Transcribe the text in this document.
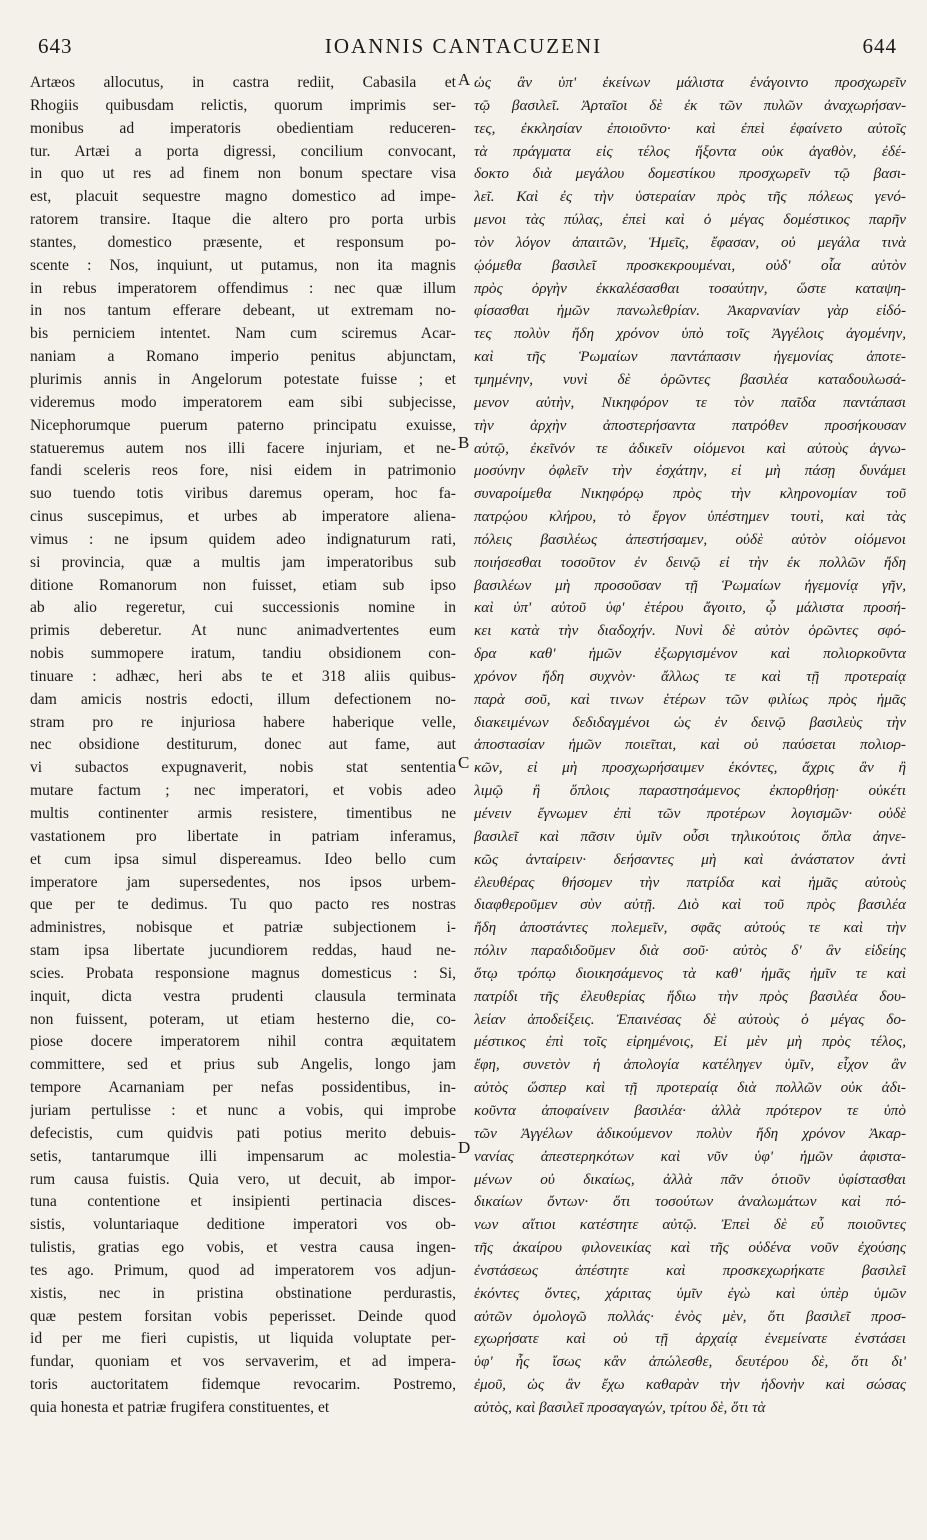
643	IOANNIS CANTACUZENI	644
Artæos allocutus, in castra rediit, Cabasila et
Rhogiis quibusdam relictis, quorum imprimis ser-
monibus ad imperatoris obedientiam reduceren-
tur. Artæi a porta digressi, concilium convocant,
in quo ut res ad finem non bonum spectare visa
est, placuit sequestre magno domestico ad impe-
ratorem transire. Itaque die altero pro porta urbis
stantes, domestico præsente, et responsum po-
scente : Nos, inquiunt, ut putamus, non ita magnis
in rebus imperatorem offendimus : nec quæ illum
in nos tantum efferare debeant, ut extremam no-
bis perniciem intentet. Nam cum sciremus Acar-
naniam a Romano imperio penitus abjunctam,
plurimis annis in Angelorum potestate fuisse ; et
videremus modo imperatorem eam sibi subjecisse,
Nicephorumque puerum paterno principatu exuisse,
statueremus autem nos illi facere injuriam, et ne-
fandi sceleris reos fore, nisi eidem in patrimonio
suo tuendo totis viribus daremus operam, hoc fa-
cinus suscepimus, et urbes ab imperatore aliena-
vimus : ne ipsum quidem adeo indignaturum rati,
si provincia, quæ a multis jam imperatoribus sub
ditione Romanorum non fuisset, etiam sub ipso
ab alio regeretur, cui successionis nomine in
primis deberetur. At nunc animadvertentes eum
nobis summopere iratum, tandiu obsidionem con-
tinuare : adhæc, heri abs te et 318 aliis quibus-
dam amicis nostris edocti, illum defectionem no-
stram pro re injuriosa habere haberique velle,
nec obsidione destiturum, donec aut fame, aut
vi subactos expugnaverit, nobis stat sententia
mutare factum ; nec imperatori, et vobis adeo
multis continenter armis resistere, timentibus ne
vastationem pro libertate in patriam inferamus,
et cum ipsa simul dispereamus. Ideo bello cum
imperatore jam supersedentes, nos ipsos urbem-
que per te dedimus. Tu quo pacto res nostras
administres, nobisque et patriæ subjectionem i-
stam ipsa libertate jucundiorem reddas, haud ne-
scies. Probata responsione magnus domesticus : Si,
inquit, dicta vestra prudenti clausula terminata
non fuissent, poteram, ut etiam hesterno die, co-
piose docere imperatorem nihil contra æquitatem
committere, sed et prius sub Angelis, longo jam
tempore Acarnaniam per nefas possidentibus, in-
juriam pertulisse : et nunc a vobis, qui improbe
defecistis, cum quidvis pati potius merito debuis-
setis, tantarumque illi impensarum ac molestia-
rum causa fuistis. Quia vero, ut decuit, ab impor-
tuna contentione et insipienti pertinacia disces-
sistis, voluntariaque deditione imperatori vos ob-
tulistis, gratias ego vobis, et vestra causa ingen-
tes ago. Primum, quod ad imperatorem vos adjun-
xistis, nec in pristina obstinatione perdurastis,
quæ pestem forsitan vobis peperisset. Deinde quod
id per me fieri cupistis, ut liquida voluptate per-
fundar, quoniam et vos servaverim, et ad impera-
toris auctoritatem fidemque revocarim. Postremo,
quia honesta et patriæ frugifera constituentes, et
A
B
C
D
ὡς ἂν ὑπ' ἐκείνων μάλιστα ἐνάγοιντο προσχωρεῖν
τῷ βασιλεῖ. Ἀρταῖοι δὲ ἐκ τῶν πυλῶν ἀναχωρήσαν-
τες, ἐκκλησίαν ἐποιοῦντο· καὶ ἐπεὶ ἐφαίνετο αὐτοῖς
τὰ πράγματα εἰς τέλος ἥξοντα οὐκ ἀγαθὸν, ἐδέ-
δοκτο διὰ μεγάλου δομεστίκου προσχωρεῖν τῷ βασι-
λεῖ. Καὶ ἐς τὴν ὑστεραίαν πρὸς τῆς πόλεως γενό-
μενοι τὰς πύλας, ἐπεὶ καὶ ὁ μέγας δομέστικος παρῆν
τὸν λόγον ἀπαιτῶν, Ἡμεῖς, ἔφασαν, οὐ μεγάλα τινὰ
ᾠόμεθα βασιλεῖ προσκεκρουμέναι, οὐδ' οἷα αὐτὸν
πρὸς ὀργὴν ἐκκαλέσασθαι τοσαύτην, ὥστε καταψη-
φίσασθαι ἡμῶν πανωλεθρίαν. Ἀκαρνανίαν γὰρ εἰδό-
τες πολὺν ἤδη χρόνον ὑπὸ τοῖς Ἀγγέλοις ἀγομένην,
καὶ τῆς Ῥωμαίων παντάπασιν ἡγεμονίας ἀποτε-
τμημένην, νυνὶ δὲ ὁρῶντες βασιλέα καταδουλωσά-
μενον αὐτὴν, Νικηφόρον τε τὸν παῖδα παντάπασι
τὴν ἀρχὴν ἀποστερήσαντα πατρόθεν προσήκουσαν
αὐτῷ, ἐκεῖνόν τε ἀδικεῖν οἰόμενοι καὶ αὐτοὺς ἀγνω-
μοσύνην ὀφλεῖν τὴν ἐσχάτην, εἰ μὴ πάσῃ δυνάμει
συναροίμεθα Νικηφόρῳ πρὸς τὴν κληρονομίαν τοῦ
πατρῴου κλήρου, τὸ ἔργον ὑπέστημεν τουτὶ, καὶ τὰς
πόλεις βασιλέως ἀπεστήσαμεν, οὐδὲ αὐτὸν οἰόμενοι
ποιήσεσθαι τοσοῦτον ἐν δεινῷ εἰ τὴν ἐκ πολλῶν ἤδη
βασιλέων μὴ προσοῦσαν τῇ Ῥωμαίων ἡγεμονίᾳ γῆν,
καὶ ὑπ' αὐτοῦ ὑφ' ἑτέρου ἄγοιτο, ᾧ μάλιστα προσή-
κει κατὰ τὴν διαδοχήν. Νυνὶ δὲ αὐτὸν ὁρῶντες σφό-
δρα καθ' ἡμῶν ἐξωργισμένον καὶ πολιορκοῦντα
χρόνον ἤδη συχνὸν· ἄλλως τε καὶ τῇ προτεραίᾳ
παρὰ σοῦ, καὶ τινων ἑτέρων τῶν φιλίως πρὸς ἡμᾶς
διακειμένων δεδιδαγμένοι ὡς ἐν δεινῷ βασιλεὺς τὴν
ἀποστασίαν ἡμῶν ποιεῖται, καὶ οὐ παύσεται πολιορ-
κῶν, εἰ μὴ προσχωρήσαιμεν ἑκόντες, ἄχρις ἂν ἢ
λιμῷ ἢ ὅπλοις παραστησάμενος ἐκπορθήσῃ· οὐκέτι
μένειν ἔγνωμεν ἐπὶ τῶν προτέρων λογισμῶν· οὐδὲ
βασιλεῖ καὶ πᾶσιν ὑμῖν οὖσι τηλικούτοις ὅπλα ἀηνε-
κῶς ἀνταίρειν· δεήσαντες μὴ καὶ ἀνάστατον ἀντὶ
ἐλευθέρας θήσομεν τὴν πατρίδα καὶ ἡμᾶς αὐτοὺς
διαφθεροῦμεν σὺν αὐτῇ. Διὸ καὶ τοῦ πρὸς βασιλέα
ἤδη ἀποστάντες πολεμεῖν, σφᾶς αὐτούς τε καὶ τὴν
πόλιν παραδιδοῦμεν διὰ σοῦ· αὐτὸς δ' ἂν εἰδείης
ὅτῳ τρόπῳ διοικησάμενος τὰ καθ' ἡμᾶς ἡμῖν τε καὶ
πατρίδι τῆς ἐλευθερίας ἥδιω τὴν πρὸς βασιλέα δου-
λείαν ἀποδείξεις. Ἐπαινέσας δὲ αὐτοὺς ὁ μέγας δο-
μέστικος ἐπὶ τοῖς εἰρημένοις, Εἰ μὲν μὴ πρὸς τέλος,
ἔφη, συνετὸν ἡ ἀπολογία κατέληγεν ὑμῖν, εἶχον ἂν
αὐτὸς ὥσπερ καὶ τῇ προτεραίᾳ διὰ πολλῶν οὐκ ἀδι-
κοῦντα ἀποφαίνειν βασιλέα· ἀλλὰ πρότερον τε ὑπὸ
τῶν Ἀγγέλων ἀδικούμενον πολὺν ἤδη χρόνον Ἀκαρ-
νανίας ἀπεστερηκότων καὶ νῦν ὑφ' ἡμῶν ἀφιστα-
μένων οὐ δικαίως, ἀλλὰ πᾶν ὁτιοῦν ὑφίστασθαι
δικαίων ὄντων· ὅτι τοσούτων ἀναλωμάτων καὶ πό-
νων αἴτιοι κατέστητε αὐτῷ. Ἐπεὶ δὲ εὖ ποιοῦντες
τῆς ἀκαίρου φιλονεικίας καὶ τῆς οὐδένα νοῦν ἐχούσης
ἐνστάσεως ἀπέστητε καὶ προσκεχωρήκατε βασιλεῖ
ἑκόντες ὄντες, χάριτας ὑμῖν ἐγὼ καὶ ὑπὲρ ὑμῶν
αὐτῶν ὁμολογῶ πολλάς· ἑνὸς μὲν, ὅτι βασιλεῖ προσ-
εχωρήσατε καὶ οὐ τῇ ἀρχαίᾳ ἐνεμείνατε ἐνστάσει
ὑφ' ἧς ἴσως κἂν ἀπώλεσθε, δευτέρου δὲ, ὅτι δι'
ἐμοῦ, ὡς ἂν ἔχω καθαρὰν τὴν ἡδονὴν καὶ σώσας
αὐτὸς, καὶ βασιλεῖ προσαγαγών, τρίτου δὲ, ὅτι τὰ
